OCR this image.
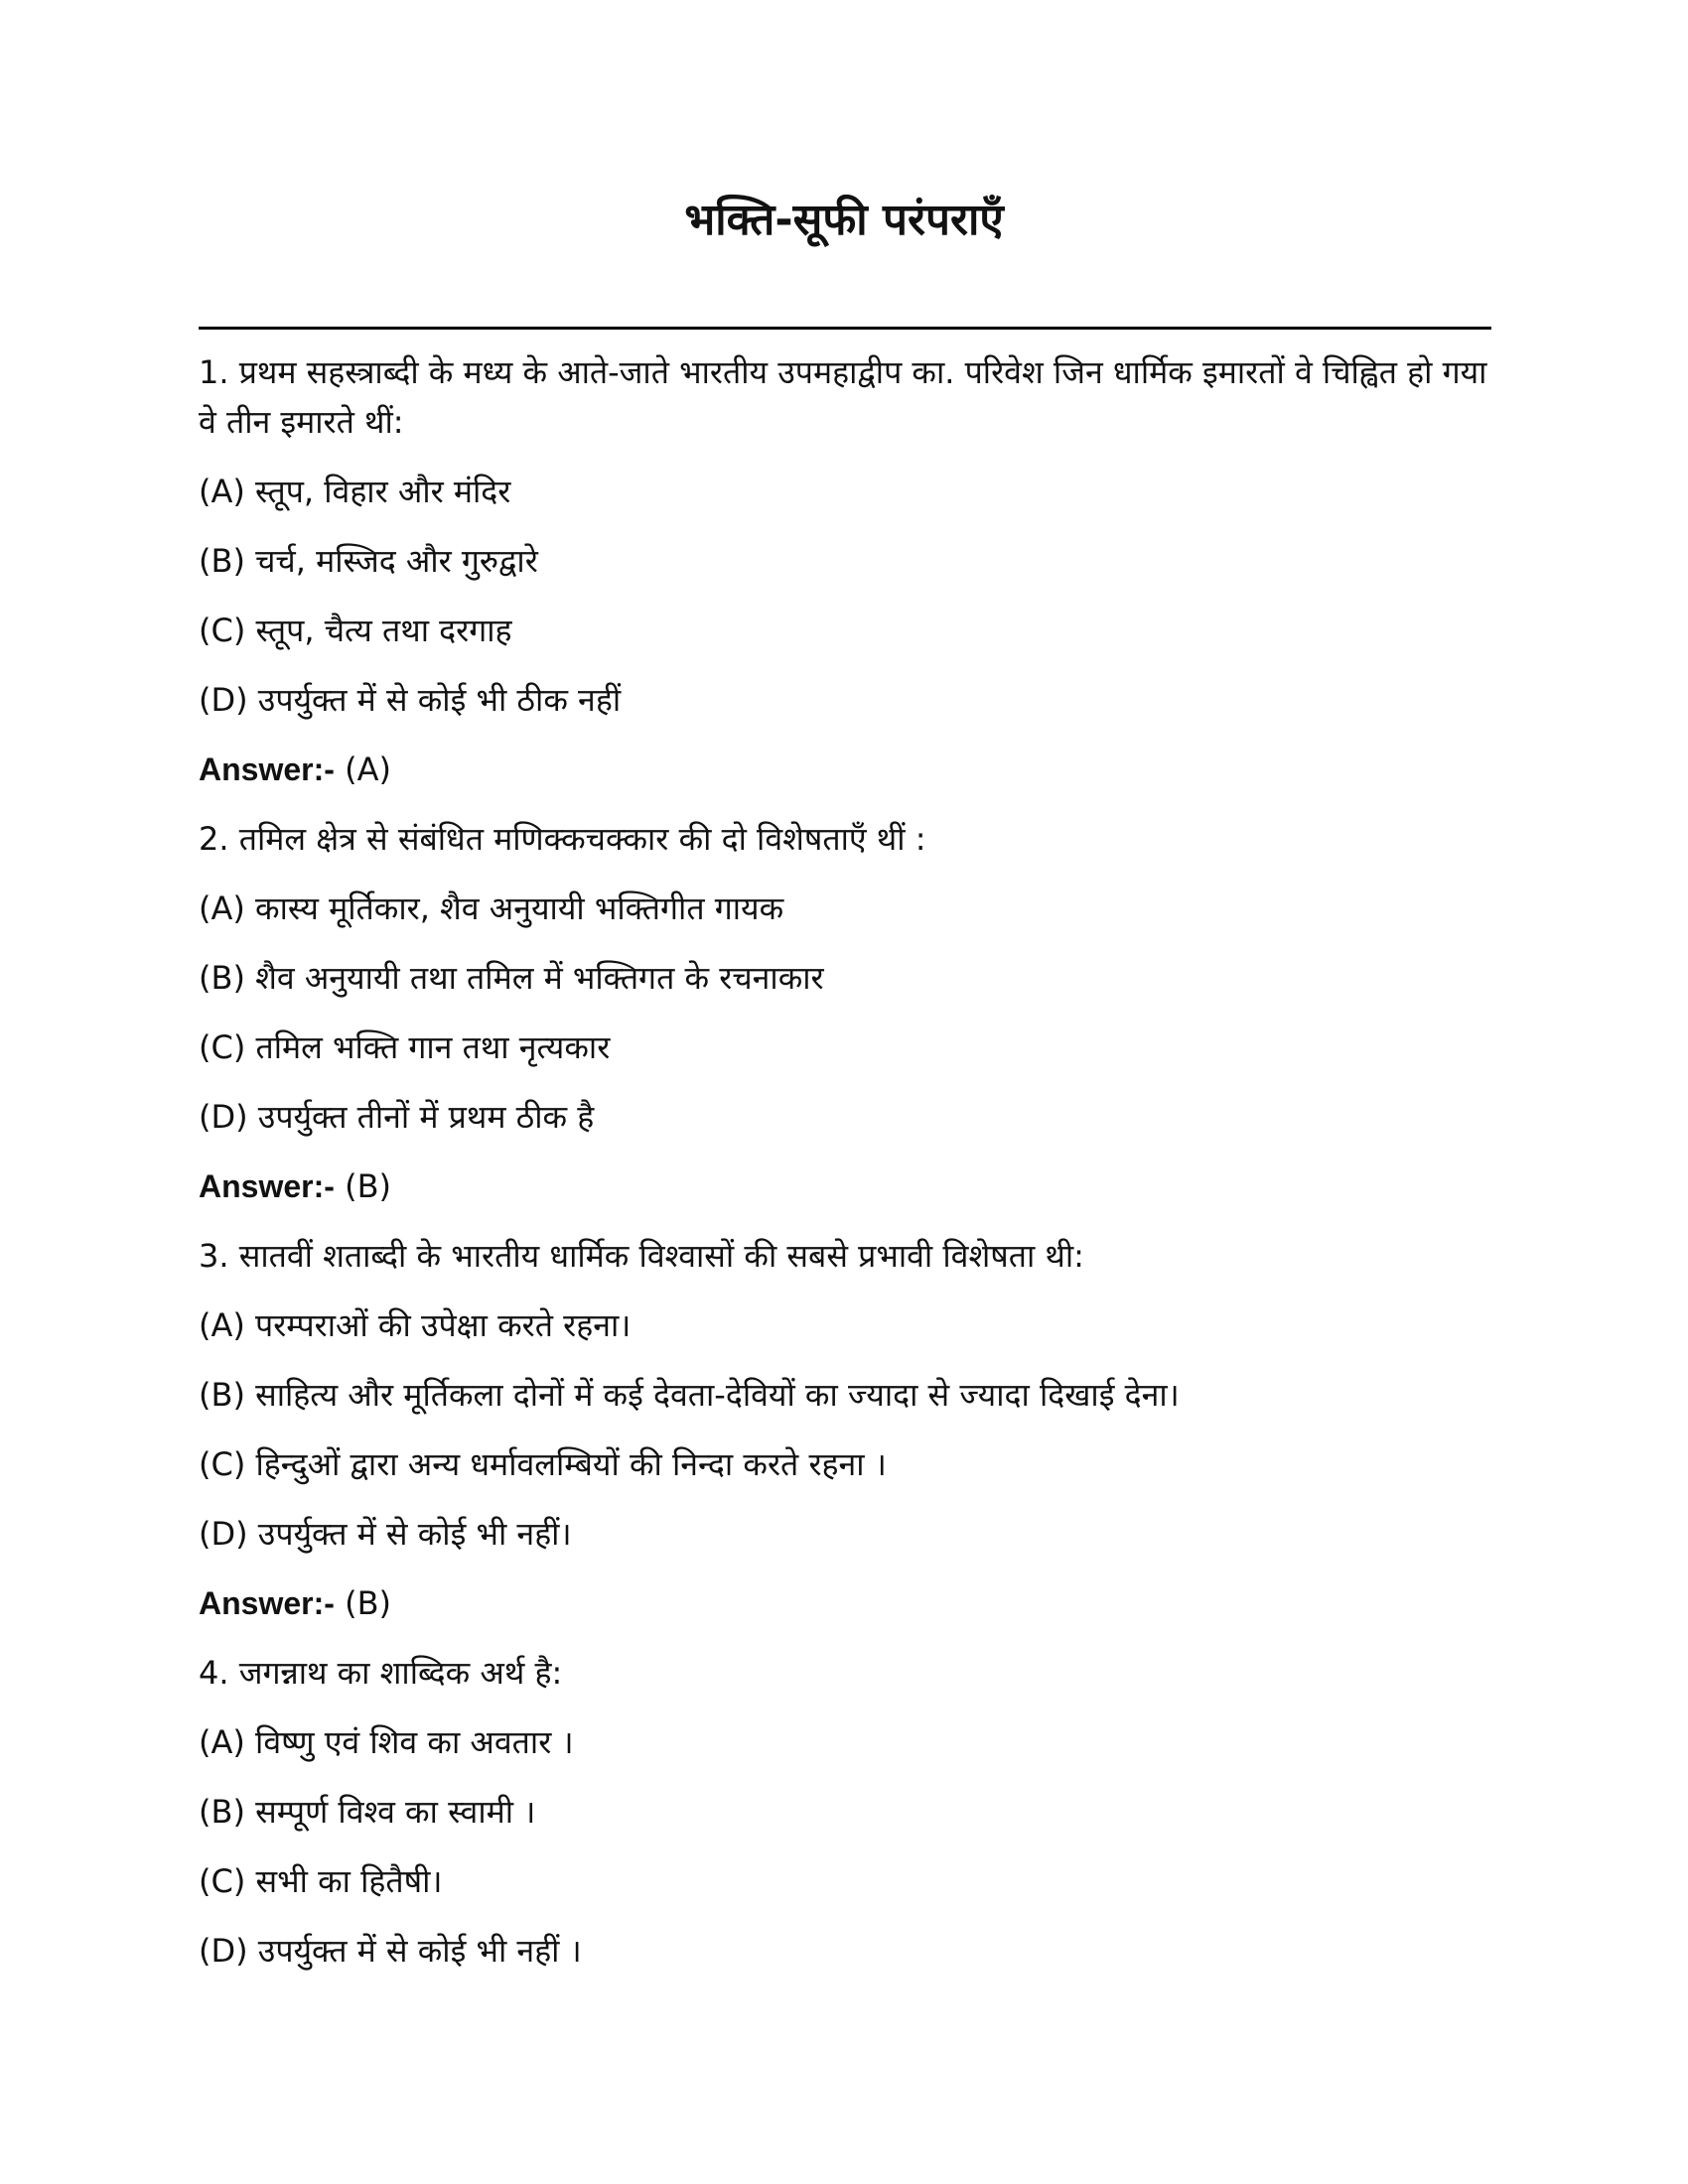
भक्ति-सूफी परंपराएँ

1. प्रथम सहस्त्राब्दी के मध्य के आते-जाते भारतीय उपमहाद्वीप का. परिवेश जिन धार्मिक इमारतों वे चिह्वित हो गया वे तीन इमारते थीं:

(A) स्तूप, विहार और मंदिर

(B) चर्च, मस्जिद और गुरुद्वारे

(C) स्तूप, चैत्य तथा दरगाह

(D) उपर्युक्त में से कोई भी ठीक नहीं

Answer:- (A)

2. तमिल क्षेत्र से संबंधित मणिक्कचक्कार की दो विशेषताएँ थीं :

(A) कास्य मूर्तिकार, शैव अनुयायी भक्तिगीत गायक

(B) शैव अनुयायी तथा तमिल में भक्तिगत के रचनाकार

(C) तमिल भक्ति गान तथा नृत्यकार

(D) उपर्युक्त तीनों में प्रथम ठीक है

Answer:- (B)

3. सातवीं शताब्दी के भारतीय धार्मिक विश्वासों की सबसे प्रभावी विशेषता थी:

(A) परम्पराओं की उपेक्षा करते रहना।

(B) साहित्य और मूर्तिकला दोनों में कई देवता-देवियों का ज्यादा से ज्यादा दिखाई देना।

(C) हिन्दुओं द्वारा अन्य धर्मावलम्बियों की निन्दा करते रहना ।

(D) उपर्युक्त में से कोई भी नहीं।

Answer:- (B)

4. जगन्नाथ का शाब्दिक अर्थ है:

(A) विष्णु एवं शिव का अवतार ।

(B) सम्पूर्ण विश्व का स्वामी ।

(C) सभी का हितैषी।

(D) उपर्युक्त में से कोई भी नहीं ।
